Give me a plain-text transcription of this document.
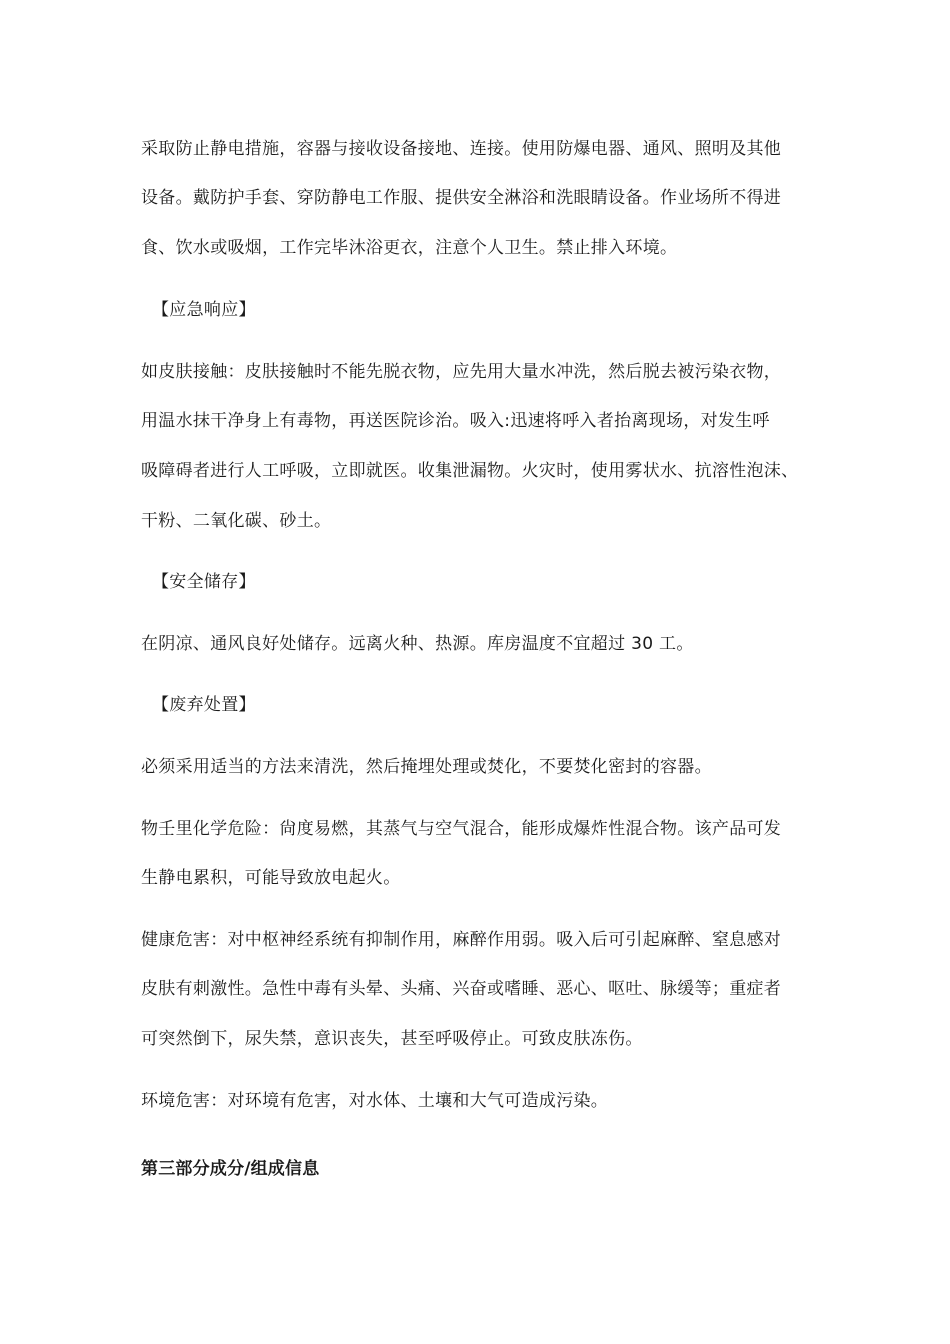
采取防止静电措施，容器与接收设备接地、连接。使用防爆电器、通风、照明及其他
设备。戴防护手套、穿防静电工作服、提供安全淋浴和洗眼睛设备。作业场所不得进
食、饮水或吸烟，工作完毕沐浴更衣，注意个人卫生。禁止排入环境。
【应急响应】
如皮肤接触：皮肤接触时不能先脱衣物，应先用大量水冲洗，然后脱去被污染衣物，
用温水抹干净身上有毒物，再送医院诊治。吸入:迅速将呼入者抬离现场，对发生呼
吸障碍者进行人工呼吸，立即就医。收集泄漏物。火灾时，使用雾状水、抗溶性泡沫、
干粉、二氧化碳、砂土。
【安全储存】
在阴凉、通风良好处储存。远离火种、热源。库房温度不宜超过 30 工。
【废弃处置】
必须采用适当的方法来清洗，然后掩埋处理或焚化，不要焚化密封的容器。
物壬里化学危险：尙度易燃，其蒸气与空气混合，能形成爆炸性混合物。该产品可发
生静电累积，可能导致放电起火。
健康危害：对中枢神经系统有抑制作用，麻醉作用弱。吸入后可引起麻醉、窒息感对
皮肤有刺激性。急性中毒有头晕、头痛、兴奋或嗜睡、恶心、呕吐、脉缓等；重症者
可突然倒下，尿失禁，意识丧失，甚至呼吸停止。可致皮肤冻伤。
环境危害：对环境有危害，对水体、土壤和大气可造成污染。
第三部分成分/组成信息
